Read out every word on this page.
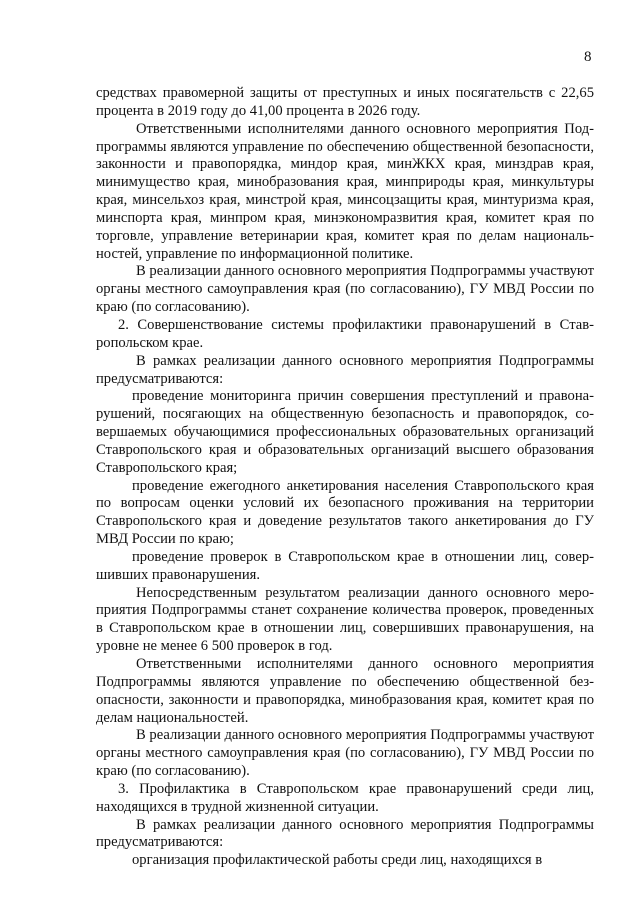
8

средствах правомерной защиты от преступных и иных посягательств с 22,65 процента в 2019 году до 41,00 процента в 2026 году.

Ответственными исполнителями данного основного мероприятия Подпрограммы являются управление по обеспечению общественной безопасности, законности и правопорядка, миндор края, минЖКХ края, минздрав края, минимущество края, минобразования края, минприроды края, минкультуры края, минсельхоз края, минстрой края, минсоцзащиты края, минтуризма края, минспорта края, минпром края, минэкономразвития края, комитет края по торговле, управление ветеринарии края, комитет края по делам национальностей, управление по информационной политике.

В реализации данного основного мероприятия Подпрограммы участвуют органы местного самоуправления края (по согласованию), ГУ МВД России по краю (по согласованию).

2. Совершенствование системы профилактики правонарушений в Ставропольском крае.

В рамках реализации данного основного мероприятия Подпрограммы предусматриваются:

проведение мониторинга причин совершения преступлений и правонарушений, посягающих на общественную безопасность и правопорядок, совершаемых обучающимися профессиональных образовательных организаций Ставропольского края и образовательных организаций высшего образования Ставропольского края;

проведение ежегодного анкетирования населения Ставропольского края по вопросам оценки условий их безопасного проживания на территории Ставропольского края и доведение результатов такого анкетирования до ГУ МВД России по краю;

проведение проверок в Ставропольском крае в отношении лиц, совершивших правонарушения.

Непосредственным результатом реализации данного основного мероприятия Подпрограммы станет сохранение количества проверок, проведенных в Ставропольском крае в отношении лиц, совершивших правонарушения, на уровне не менее 6 500 проверок в год.

Ответственными исполнителями данного основного мероприятия Подпрограммы являются управление по обеспечению общественной безопасности, законности и правопорядка, минобразования края, комитет края по делам национальностей.

В реализации данного основного мероприятия Подпрограммы участвуют органы местного самоуправления края (по согласованию), ГУ МВД России по краю (по согласованию).

3. Профилактика в Ставропольском крае правонарушений среди лиц, находящихся в трудной жизненной ситуации.

В рамках реализации данного основного мероприятия Подпрограммы предусматриваются:

организация профилактической работы среди лиц, находящихся в
